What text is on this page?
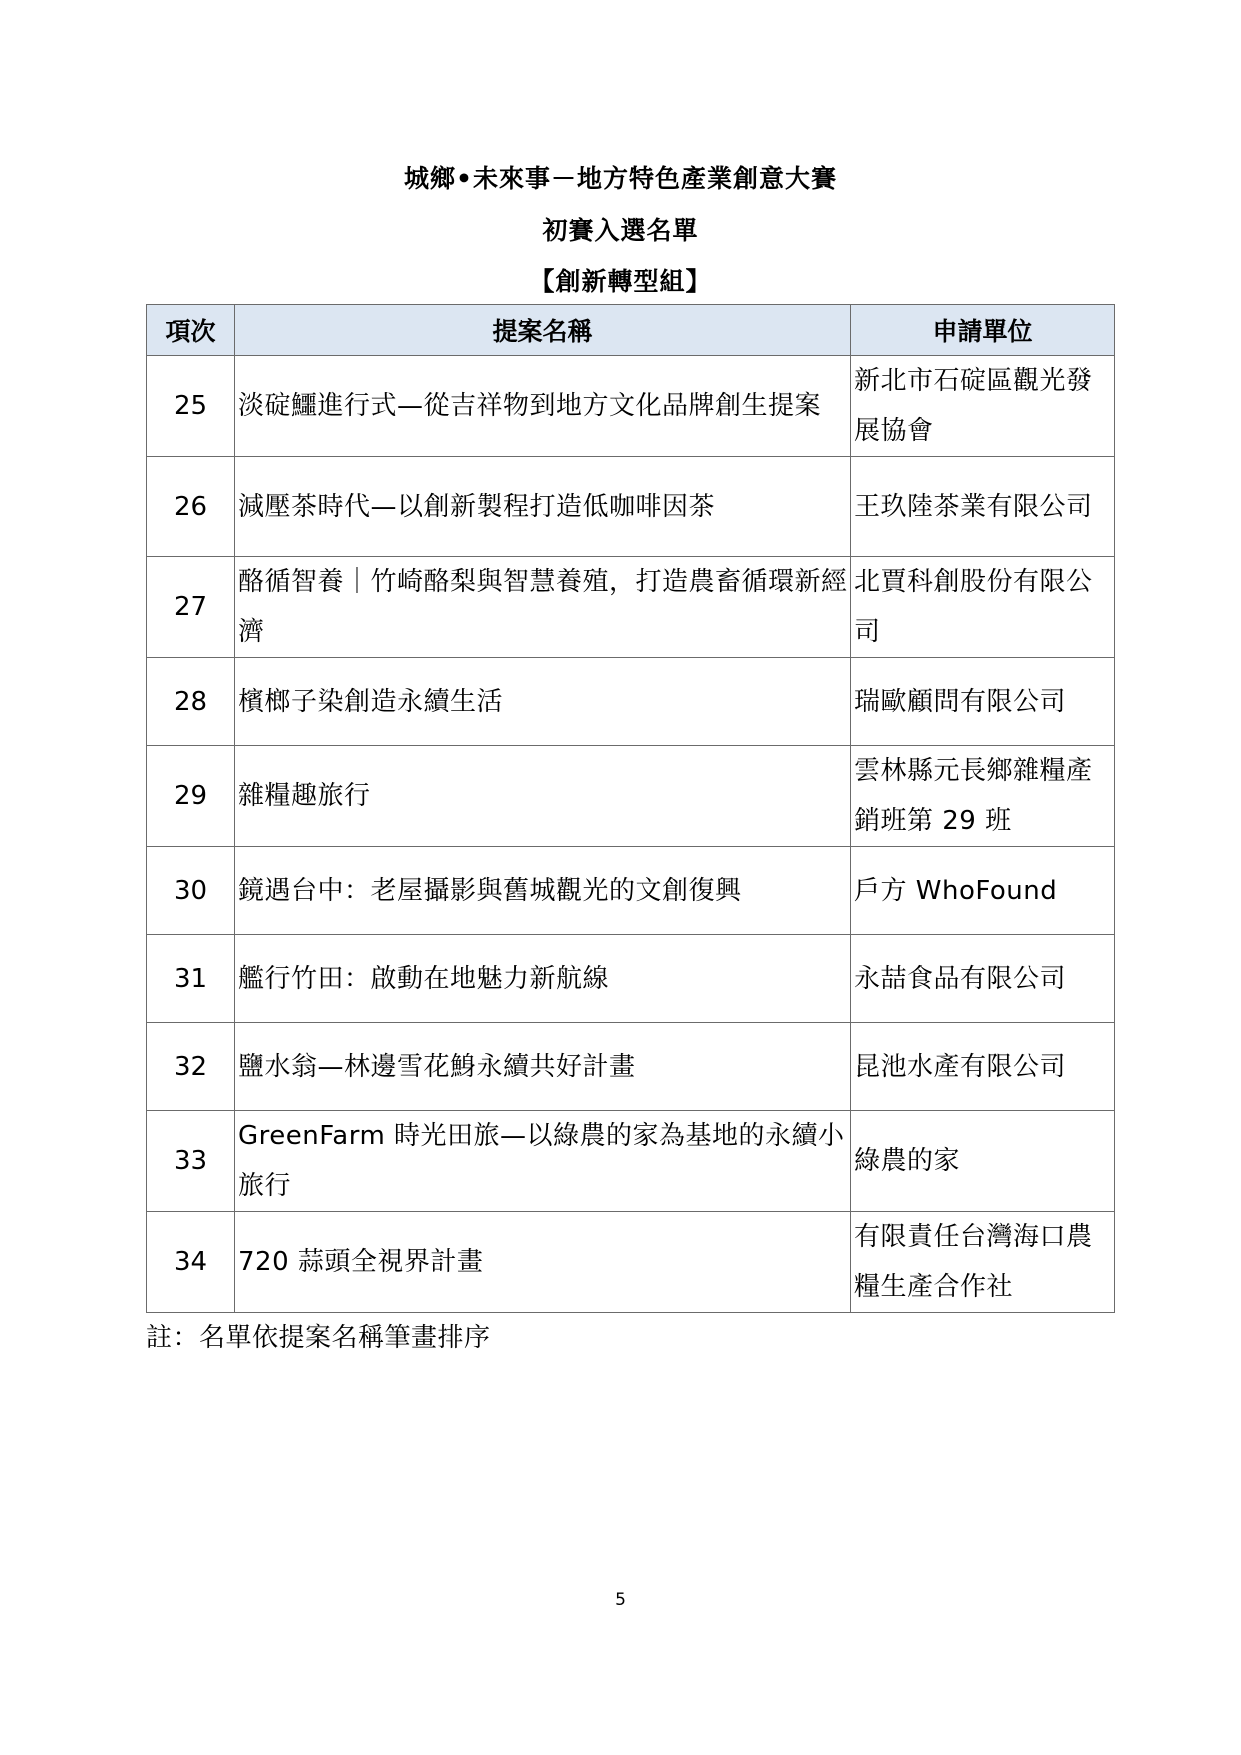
城鄉•未來事－地方特色產業創意大賽
初賽入選名單
【創新轉型組】
項次	提案名稱	申請單位
25	淡碇鱷進行式—從吉祥物到地方文化品牌創生提案	新北市石碇區觀光發展協會
26	減壓茶時代—以創新製程打造低咖啡因茶	王玖陸茶業有限公司
27	酪循智養｜竹崎酪梨與智慧養殖，打造農畜循環新經濟	北賈科創股份有限公司
28	檳榔子染創造永續生活	瑞歐顧問有限公司
29	雜糧趣旅行	雲林縣元長鄉雜糧產銷班第 29 班
30	鏡遇台中：老屋攝影與舊城觀光的文創復興	戶方 WhoFound
31	艦行竹田：啟動在地魅力新航線	永喆食品有限公司
32	鹽水翁—林邊雪花鯓永續共好計畫	昆池水產有限公司
33	GreenFarm 時光田旅—以綠農的家為基地的永續小旅行	綠農的家
34	720 蒜頭全視界計畫	有限責任台灣海口農糧生產合作社
註：名單依提案名稱筆畫排序
5
